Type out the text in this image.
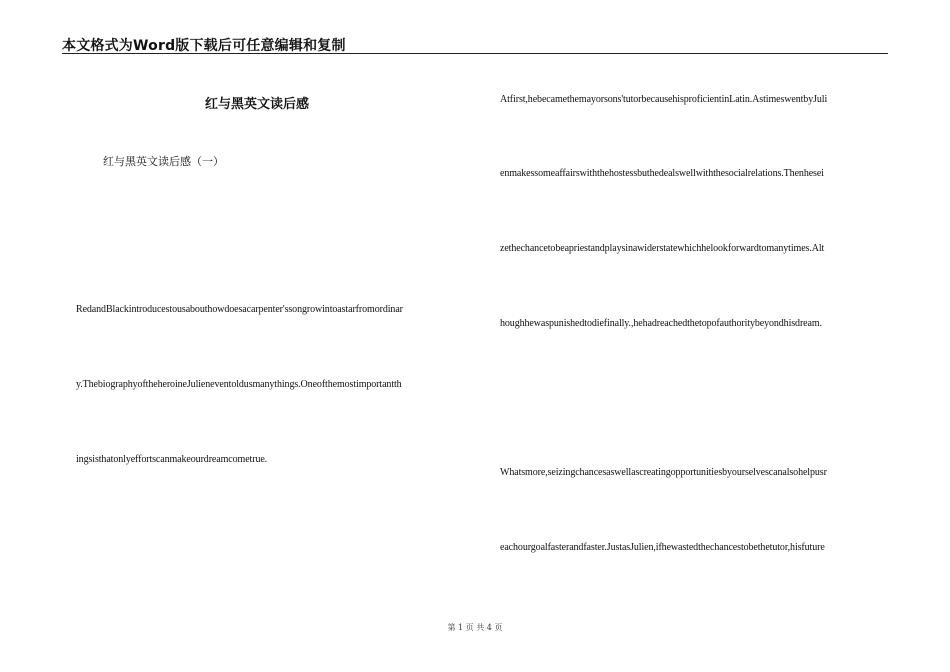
本文格式为Word版下载后可任意编辑和复制
红与黑英文读后感
红与黑英文读后感（一）
RedandBlackintroducestousabouthowdoesacarpenter'ssongrowintoastarfromordinar
y.ThebiographyoftheheroineJulieneventoldusmanythings.Oneofthemostimportantth
ingsisthatonlyeffortscanmakeourdreamcometrue.
Atfirst,hebecamethemayorsons'tutorbecausehisproficientinLatin.AstimeswentbyJuli
enmakessomeaffairswiththehostessbuthedealswellwiththesocialrelations.Thenhesei
zethechancetobeapriestandplaysinawiderstatewhichhelookforwardtomanytimes.Alt
houghhewaspunishedtodiefinally.,hehadreachedthetopofauthoritybeyondhisdream.
Whatsmore,seizingchancesaswellascreatingopportunitiesbyourselvescanalsohelpusr
eachourgoalfasterandfaster.JustasJulien,ifhewastedthechancestobethetutor,hisfuture
第 1 页 共 4 页
